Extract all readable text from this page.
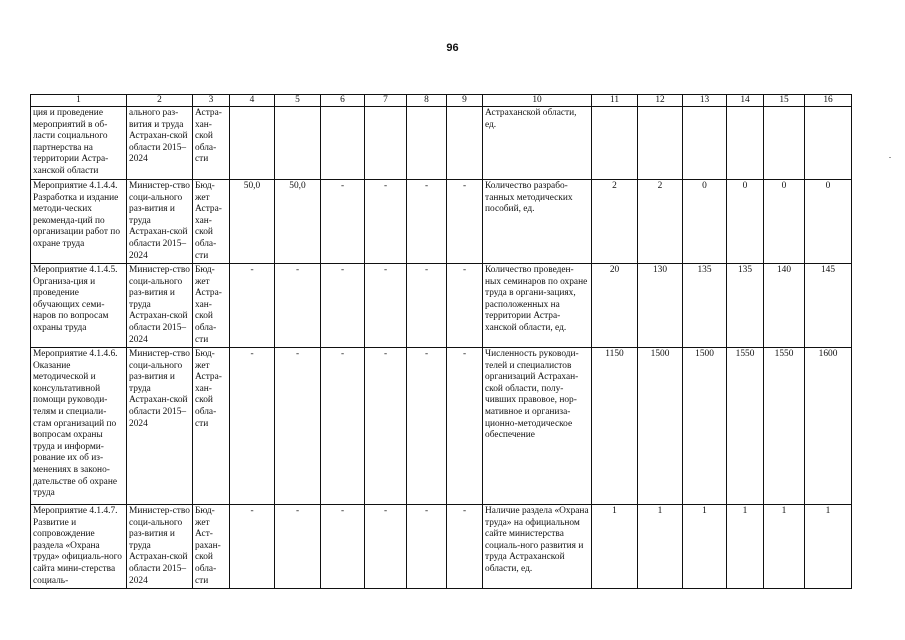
96
1	2	3	4	5	6	7	8	9	10	11	12	13	14	15	16
ция и проведение мероприятий в об-ласти социального партнерства на территории Астра-ханской области	ального раз-вития и труда Астрахан-ской области 2015–2024	Астра-хан-ской обла-сти							Астраханской области, ед.						
Мероприятие 4.1.4.4. Разработка и издание методи-ческих рекоменда-ций по организации работ по охране труда	Министер-ство соци-ального раз-вития и труда Астрахан-ской области 2015–2024	Бюд-жет Астра-хан-ской обла-сти	50,0	50,0	-	-	-	-	Количество разрабо-танных методических пособий, ед.	2	2	0	0	0	0
Мероприятие 4.1.4.5. Организа-ция и проведение обучающих семи-наров по вопросам охраны труда	Министер-ство соци-ального раз-вития и труда Астрахан-ской области 2015–2024	Бюд-жет Астра-хан-ской обла-сти	-	-	-	-	-	-	Количество проведен-ных семинаров по охране труда в органи-зациях, расположенных на территории Астра-ханской области, ед.	20	130	135	135	140	145
Мероприятие 4.1.4.6. Оказание методической и консультативной помощи руководи-телям и специали-стам организаций по вопросам охраны труда и информи-рование их об из-менениях в законо-дательстве об охране труда	Министер-ство соци-ального раз-вития и труда Астрахан-ской области 2015–2024	Бюд-жет Астра-хан-ской обла-сти	-	-	-	-	-	-	Численность руководи-телей и специалистов организаций Астрахан-ской области, полу-чивших правовое, нор-мативное и организа-ционно-методическое обеспечение	1150	1500	1500	1550	1550	1600
Мероприятие 4.1.4.7. Развитие и сопровождение раздела «Охрана труда» официаль-ного сайта мини-стерства социаль-	Министер-ство соци-ального раз-вития и труда Астрахан-ской области 2015–2024	Бюд-жет Аст-рахан-ской обла-сти	-	-	-	-	-	-	Наличие раздела «Охрана труда» на официальном сайте министерства социаль-ного развития и труда Астраханской области, ед.	1	1	1	1	1	1
